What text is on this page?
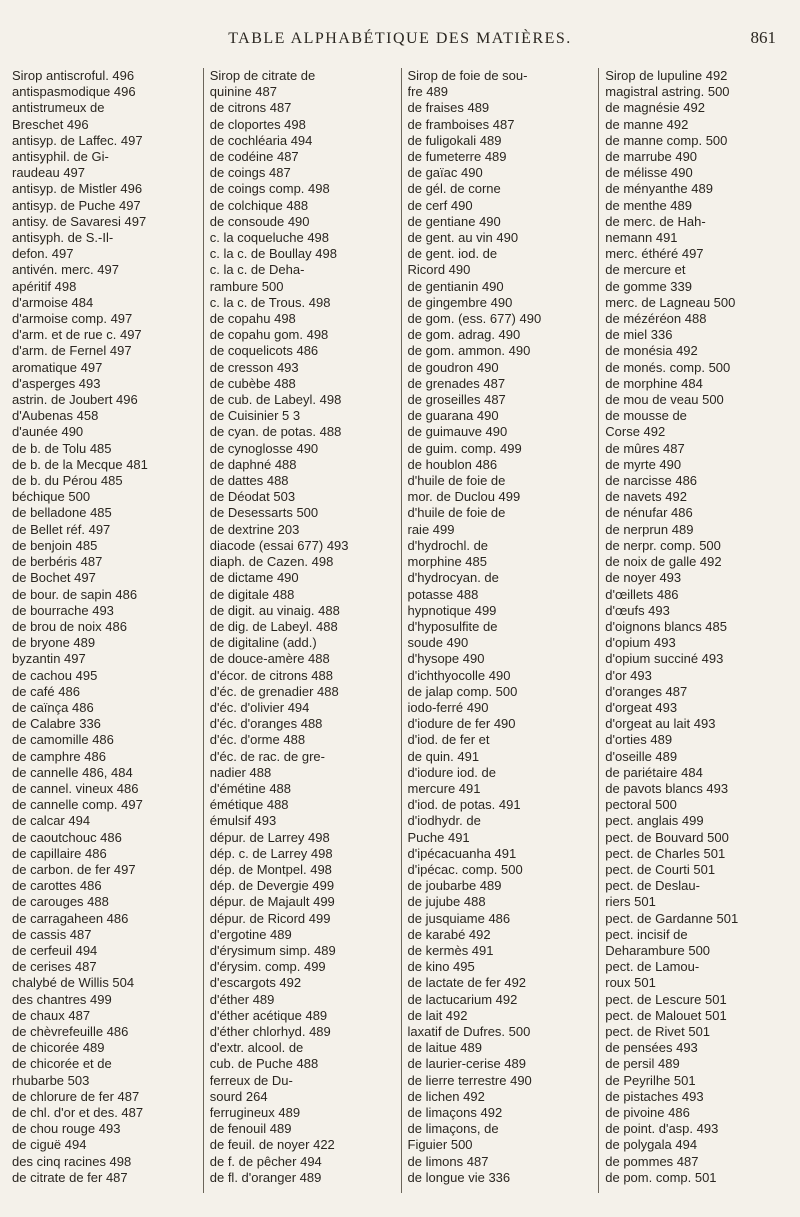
TABLE ALPHABÉTIQUE DES MATIÈRES.	861
Sirop antiscroful. 496
antispasmodique 496
antistrumeux de
Breschet 496
antisyp. de Laffec. 497
antisyphil. de Gi-
raudeau 497
antisyp. de Mistler 496
antisyp. de Puche 497
antisy. de Savaresi 497
antisyph. de S.-Il-
defon. 497
antivén. merc. 497
apéritif 498
d'armoise 484
d'armoise comp. 497
d'arm. et de rue c. 497
d'arm. de Fernel 497
aromatique 497
d'asperges 493
astrin. de Joubert 496
d'Aubenas 458
d'aunée 490
de b. de Tolu 485
de b. de la Mecque 481
de b. du Pérou 485
béchique 500
de belladone 485
de Bellet réf. 497
de benjoin 485
de berbéris 487
de Bochet 497
de bour. de sapin 486
de bourrache 493
de brou de noix 486
de bryone 489
byzantin 497
de cachou 495
de café 486
de caïnça 486
de Calabre 336
de camomille 486
de camphre 486
de cannelle 486, 484
de cannel. vineux 486
de cannelle comp. 497
de calcar 494
de caoutchouc 486
de capillaire 486
de carbon. de fer 497
de carottes 486
de carouges 488
de carragaheen 486
de cassis 487
de cerfeuil 494
de cerises 487
chalybé de Willis 504
des chantres 499
de chaux 487
de chèvrefeuille 486
de chicorée 489
de chicorée et de
rhubarbe 503
de chlorure de fer 487
de chl. d'or et des. 487
de chou rouge 493
de ciguë 494
des cinq racines 498
de citrate de fer 487
Sirop de citrate de
quinine 487
de citrons 487
de cloportes 498
de cochléaria 494
de codéine 487
de coings 487
de coings comp. 498
de colchique 488
de consoude 490
c. la coqueluche 498
c. la c. de Boullay 498
c. la c. de Deha-
rambure 500
c. la c. de Trous. 498
de copahu 498
de copahu gom. 498
de coquelicots 486
de cresson 493
de cubèbe 488
de cub. de Labeyl. 498
de Cuisinier 5 3
de cyan. de potas. 488
de cynoglosse 490
de daphné 488
de dattes 488
de Déodat 503
de Desessarts 500
de dextrine 203
diacode (essai 677) 493
diaph. de Cazen. 498
de dictame 490
de digitale 488
de digit. au vinaig. 488
de dig. de Labeyl. 488
de digitaline (add.)
de douce-amère 488
d'écor. de citrons 488
d'éc. de grenadier 488
d'éc. d'olivier 494
d'éc. d'oranges 488
d'éc. d'orme 488
d'éc. de rac. de gre-
nadier 488
d'émétine 488
émétique 488
émulsif 493
dépur. de Larrey 498
dép. c. de Larrey 498
dép. de Montpel. 498
dép. de Devergie 499
dépur. de Majault 499
dépur. de Ricord 499
d'ergotine 489
d'érysimum simp. 489
d'érysim. comp. 499
d'escargots 492
d'éther 489
d'éther acétique 489
d'éther chlorhyd. 489
d'extr. alcool. de
cub. de Puche 488
ferreux de Du-
sourd 264
ferrugineux 489
de fenouil 489
de feuil. de noyer 422
de f. de pêcher 494
de fl. d'oranger 489
Sirop de foie de sou-
fre 489
de fraises 489
de framboises 487
de fuligokali 489
de fumeterre 489
de gaïac 490
de gél. de corne
de cerf 490
de gentiane 490
de gent. au vin 490
de gent. iod. de
Ricord 490
de gentianin 490
de gingembre 490
de gom. (ess. 677) 490
de gom. adrag. 490
de gom. ammon. 490
de goudron 490
de grenades 487
de groseilles 487
de guarana 490
de guimauve 490
de guim. comp. 499
de houblon 486
d'huile de foie de
mor. de Duclou 499
d'huile de foie de
raie 499
d'hydrochl. de
morphine 485
d'hydrocyan. de
potasse 488
hypnotique 499
d'hyposulfite de
soude 490
d'hysope 490
d'ichthyocolle 490
de jalap comp. 500
iodo-ferré 490
d'iodure de fer 490
d'iod. de fer et
de quin. 491
d'iodure iod. de
mercure 491
d'iod. de potas. 491
d'iodhydr. de
Puche 491
d'ipécacuanha 491
d'ipécac. comp. 500
de joubarbe 489
de jujube 488
de jusquiame 486
de karabé 492
de kermès 491
de kino 495
de lactate de fer 492
de lactucarium 492
de lait 492
laxatif de Dufres. 500
de laitue 489
de laurier-cerise 489
de lierre terrestre 490
de lichen 492
de limaçons 492
de limaçons, de
Figuier 500
de limons 487
de longue vie 336
Sirop de lupuline 492
magistral astring. 500
de magnésie 492
de manne 492
de manne comp. 500
de marrube 490
de mélisse 490
de ményanthe 489
de menthe 489
de merc. de Hah-
nemann 491
merc. éthéré 497
de mercure et
de gomme 339
merc. de Lagneau 500
de mézéréon 488
de miel 336
de monésia 492
de monés. comp. 500
de morphine 484
de mou de veau 500
de mousse de
Corse 492
de mûres 487
de myrte 490
de narcisse 486
de navets 492
de nénufar 486
de nerprun 489
de nerpr. comp. 500
de noix de galle 492
de noyer 493
d'œillets 486
d'œufs 493
d'oignons blancs 485
d'opium 493
d'opium succiné 493
d'or 493
d'oranges 487
d'orgeat 493
d'orgeat au lait 493
d'orties 489
d'oseille 489
de pariétaire 484
de pavots blancs 493
pectoral 500
pect. anglais 499
pect. de Bouvard 500
pect. de Charles 501
pect. de Courti 501
pect. de Deslau-
riers 501
pect. de Gardanne 501
pect. incisif de
Deharambure 500
pect. de Lamou-
roux 501
pect. de Lescure 501
pect. de Malouet 501
pect. de Rivet 501
de pensées 493
de persil 489
de Peyrilhe 501
de pistaches 493
de pivoine 486
de point. d'asp. 493
de polygala 494
de pommes 487
de pom. comp. 501
